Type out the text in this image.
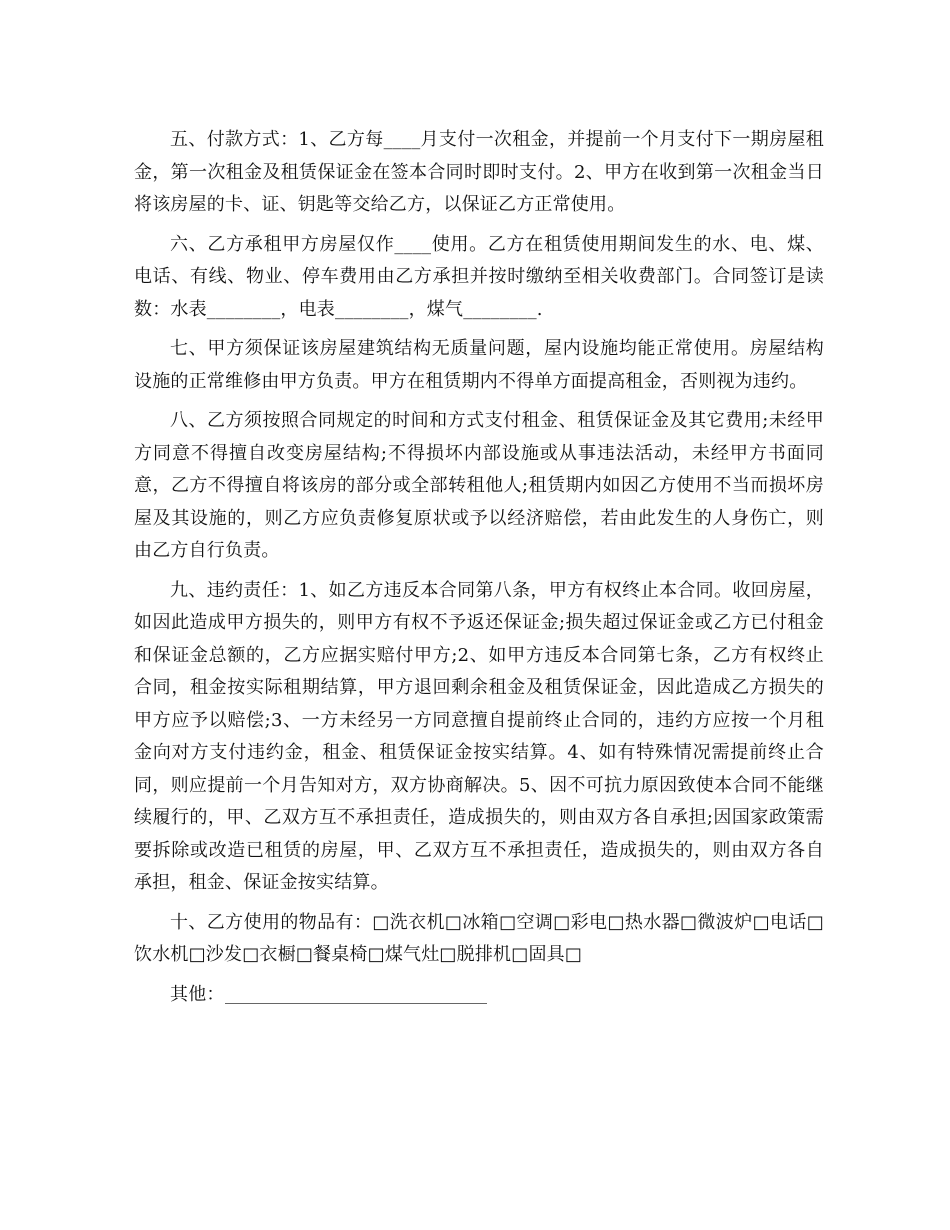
五、付款方式：1、乙方每____月支付一次租金，并提前一个月支付下一期房屋租金，第一次租金及租赁保证金在签本合同时即时支付。2、甲方在收到第一次租金当日将该房屋的卡、证、钥匙等交给乙方，以保证乙方正常使用。

六、乙方承租甲方房屋仅作____使用。乙方在租赁使用期间发生的水、电、煤、电话、有线、物业、停车费用由乙方承担并按时缴纳至相关收费部门。合同签订是读数：水表________，电表________，煤气________.

七、甲方须保证该房屋建筑结构无质量问题，屋内设施均能正常使用。房屋结构设施的正常维修由甲方负责。甲方在租赁期内不得单方面提高租金，否则视为违约。

八、乙方须按照合同规定的时间和方式支付租金、租赁保证金及其它费用;未经甲方同意不得擅自改变房屋结构;不得损坏内部设施或从事违法活动，未经甲方书面同意，乙方不得擅自将该房的部分或全部转租他人;租赁期内如因乙方使用不当而损坏房屋及其设施的，则乙方应负责修复原状或予以经济赔偿，若由此发生的人身伤亡，则由乙方自行负责。

九、违约责任：1、如乙方违反本合同第八条，甲方有权终止本合同。收回房屋，如因此造成甲方损失的，则甲方有权不予返还保证金;损失超过保证金或乙方已付租金和保证金总额的，乙方应据实赔付甲方;2、如甲方违反本合同第七条，乙方有权终止合同，租金按实际租期结算，甲方退回剩余租金及租赁保证金，因此造成乙方损失的甲方应予以赔偿;3、一方未经另一方同意擅自提前终止合同的，违约方应按一个月租金向对方支付违约金，租金、租赁保证金按实结算。4、如有特殊情况需提前终止合同，则应提前一个月告知对方，双方协商解决。5、因不可抗力原因致使本合同不能继续履行的，甲、乙双方互不承担责任，造成损失的，则由双方各自承担;因国家政策需要拆除或改造已租赁的房屋，甲、乙双方互不承担责任，造成损失的，则由双方各自承担，租金、保证金按实结算。

十、乙方使用的物品有：□洗衣机□冰箱□空调□彩电□热水器□微波炉□电话□饮水机□沙发□衣橱□餐桌椅□煤气灶□脱排机□固具□

其他：
